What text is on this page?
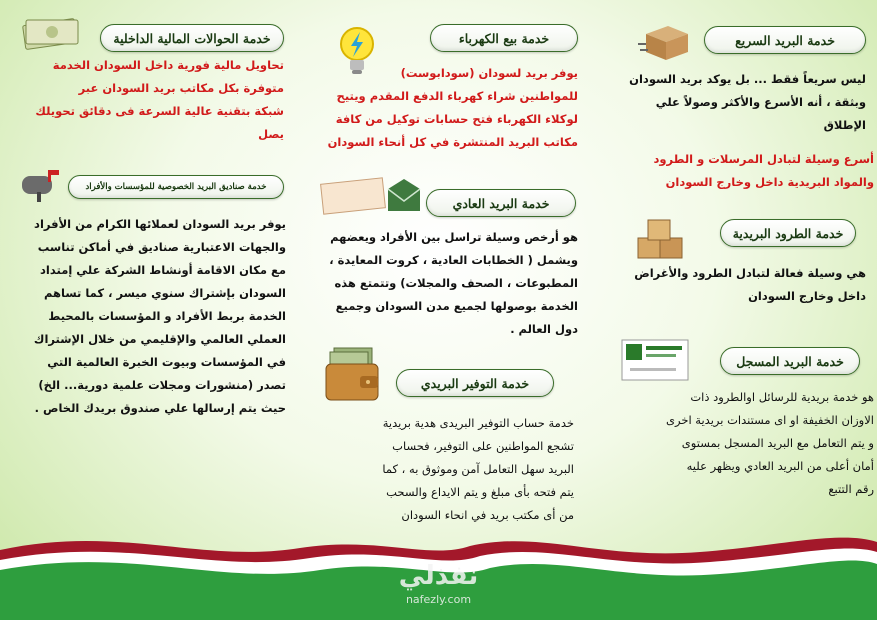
خدمة الحوالات المالية الداخلية
تحاويل مالية فورية داخل السودان الخدمة
متوفرة بكل مكاتب بريد السودان عبر
شبكة بتقنية عالية السرعة فى دقائق تحويلك
يصل
خدمة صناديق البريد الخصوصية للمؤسسات والأفراد
يوفر بريد السودان لعملائها الكرام من الأفراد
والجهات الاعتبارية صناديق في أماكن تناسب
مع مكان الاقامة أونشاط الشركة علي إمتداد
السودان بإشتراك سنوي ميسر ، كما تساهم
الخدمة بربط الأفراد و المؤسسات بالمحيط
العملي العالمي والإقليمي من خلال الإشتراك
في المؤسسات وبيوت الخبرة العالمية التي
تصدر (منشورات ومجلات علمية دورية... الخ)
حيث يتم إرسالها علي صندوق بريدك الخاص .
خدمة بيع الكهرباء
يوفر بريد لسودان (سودابوست)
للمواطنين شراء كهرباء الدفع المقدم ويتيح
لوكلاء الكهرباء فتح حسابات توكيل من كافة
مكاتب البريد المنتشرة في كل أنحاء السودان
خدمة البريد العادي
هو أرخص وسيلة تراسل بين الأفراد ويعضهم
ويشمل ( الخطابات العادية ، كروت المعايدة ،
المطبوعات ، الصحف والمجلات) وتتمتع هذه
الخدمة بوصولها لجميع مدن السودان وجميع
دول العالم .
خدمة التوفير البريدي
خدمة حساب التوفير البريدى هدية بريدية
تشجع المواطنين على التوفير، فحساب
البريد سهل التعامل آمن وموثوق به ، كما
يتم فتحه بأى مبلغ و يتم الايداع والسحب
من أى مكتب بريد في انحاء السودان
خدمة البريد السريع
ليس سريعاً فقط ... بل يوكد بريد السودان
وبثقة ، أنه الأسرع والأكثر وصولاً علي
الإطلاق
أسرع وسيلة لتبادل المرسلات و الطرود
والمواد البريدية داخل وخارج السودان
خدمة الطرود البريدية
هي وسيلة فعالة لتبادل الطرود والأغراض
داخل وخارج السودان
خدمة البريد المسجل
هو خدمة بريدية للرسائل اوالطرود ذات
الاوزان الخفيفة او اى مستندات بريدية اخرى
و يتم التعامل مع البريد المسجل بمستوى
أمان أعلى من البريد العادي ويظهر عليه
رقم التتبع
نفذلي
nafezly.com
